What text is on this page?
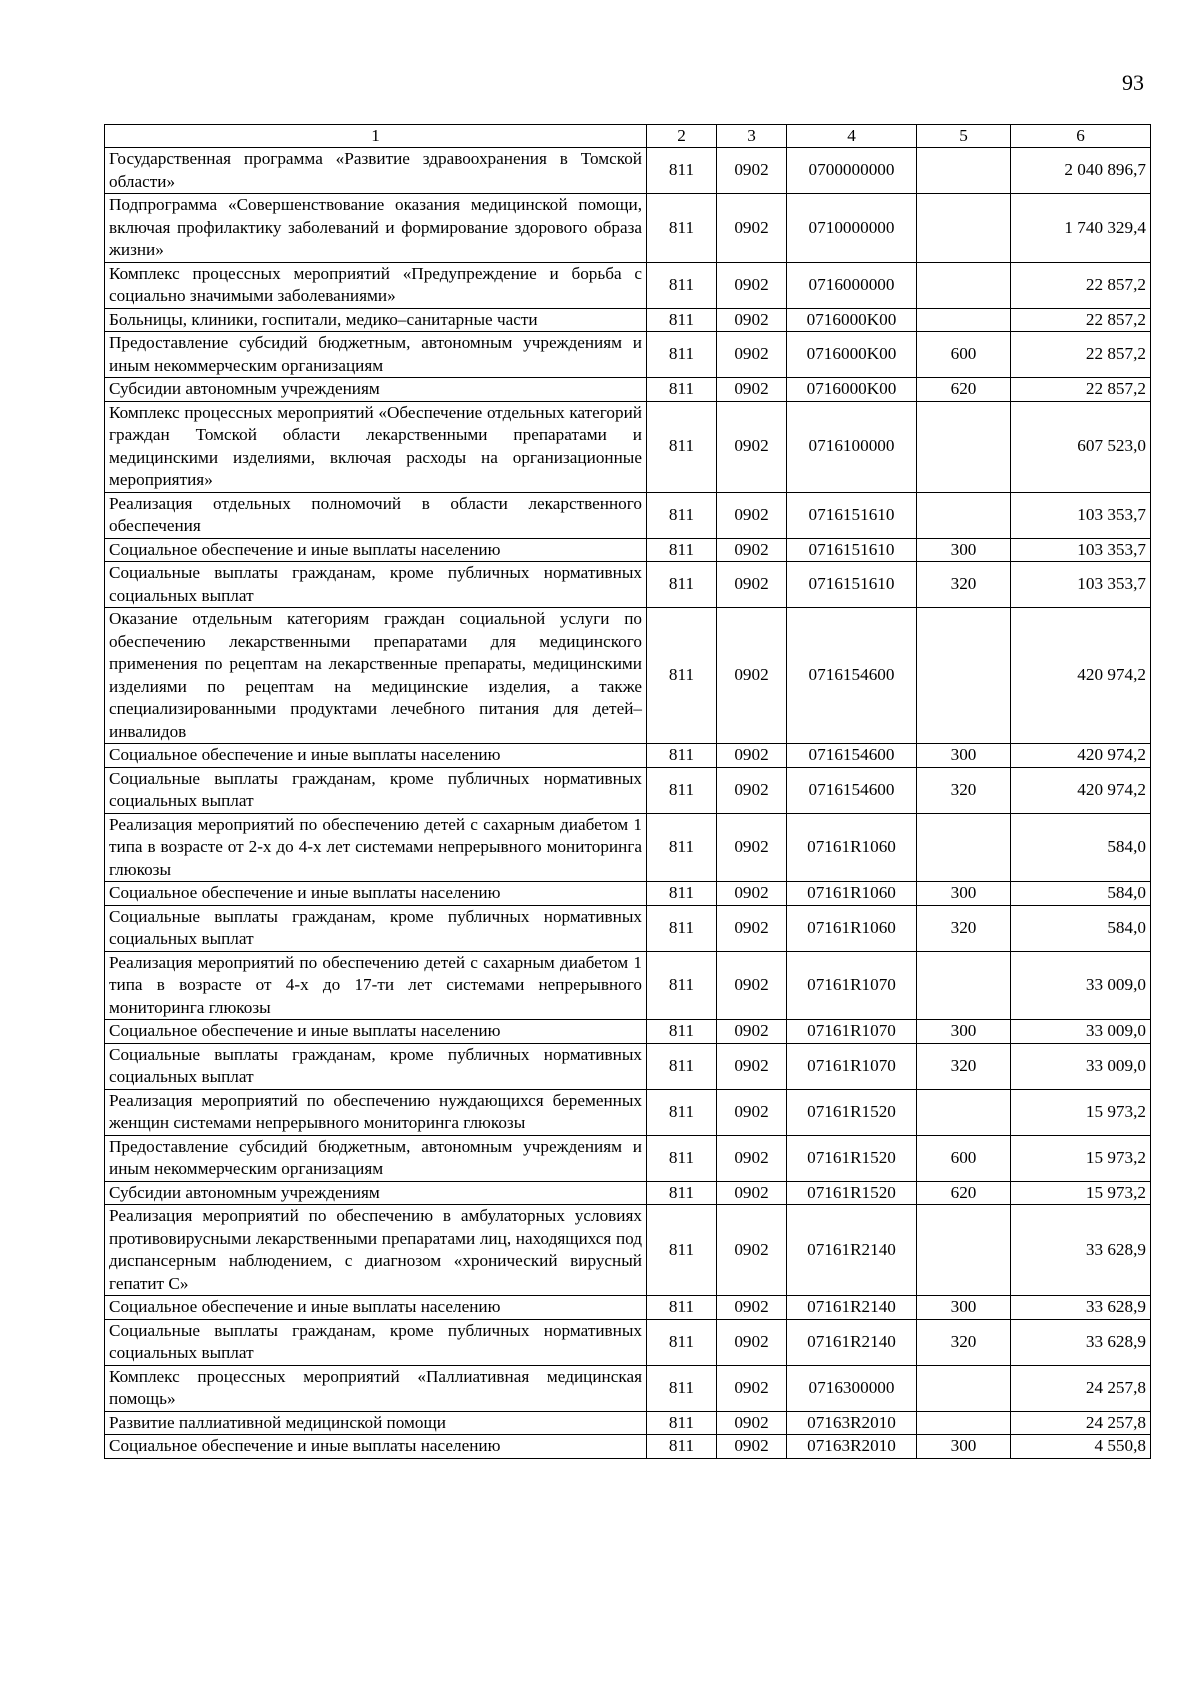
93
1	2	3	4	5	6
Государственная программа «Развитие здравоохранения в Томской области»	811	0902	0700000000		2 040 896,7
Подпрограмма «Совершенствование оказания медицинской помощи, включая профилактику заболеваний и формирование здорового образа жизни»	811	0902	0710000000		1 740 329,4
Комплекс процессных мероприятий «Предупреждение и борьба с социально значимыми заболеваниями»	811	0902	0716000000		22 857,2
Больницы, клиники, госпитали, медико–санитарные части	811	0902	0716000K00		22 857,2
Предоставление субсидий бюджетным, автономным учреждениям и иным некоммерческим организациям	811	0902	0716000K00	600	22 857,2
Субсидии автономным учреждениям	811	0902	0716000K00	620	22 857,2
Комплекс процессных мероприятий «Обеспечение отдельных категорий граждан Томской области лекарственными препаратами и медицинскими изделиями, включая расходы на организационные мероприятия»	811	0902	0716100000		607 523,0
Реализация отдельных полномочий в области лекарственного обеспечения	811	0902	0716151610		103 353,7
Социальное обеспечение и иные выплаты населению	811	0902	0716151610	300	103 353,7
Социальные выплаты гражданам, кроме публичных нормативных социальных выплат	811	0902	0716151610	320	103 353,7
Оказание отдельным категориям граждан социальной услуги по обеспечению лекарственными препаратами для медицинского применения по рецептам на лекарственные препараты, медицинскими изделиями по рецептам на медицинские изделия, а также специализированными продуктами лечебного питания для детей–инвалидов	811	0902	0716154600		420 974,2
Социальное обеспечение и иные выплаты населению	811	0902	0716154600	300	420 974,2
Социальные выплаты гражданам, кроме публичных нормативных социальных выплат	811	0902	0716154600	320	420 974,2
Реализация мероприятий по обеспечению детей с сахарным диабетом 1 типа в возрасте от 2-х до 4-х лет системами непрерывного мониторинга глюкозы	811	0902	07161R1060		584,0
Социальное обеспечение и иные выплаты населению	811	0902	07161R1060	300	584,0
Социальные выплаты гражданам, кроме публичных нормативных социальных выплат	811	0902	07161R1060	320	584,0
Реализация мероприятий по обеспечению детей с сахарным диабетом 1 типа в возрасте от 4-х до 17-ти лет системами непрерывного мониторинга глюкозы	811	0902	07161R1070		33 009,0
Социальное обеспечение и иные выплаты населению	811	0902	07161R1070	300	33 009,0
Социальные выплаты гражданам, кроме публичных нормативных социальных выплат	811	0902	07161R1070	320	33 009,0
Реализация мероприятий по обеспечению нуждающихся беременных женщин системами непрерывного мониторинга глюкозы	811	0902	07161R1520		15 973,2
Предоставление субсидий бюджетным, автономным учреждениям и иным некоммерческим организациям	811	0902	07161R1520	600	15 973,2
Субсидии автономным учреждениям	811	0902	07161R1520	620	15 973,2
Реализация мероприятий по обеспечению в амбулаторных условиях противовирусными лекарственными препаратами лиц, находящихся под диспансерным наблюдением, с диагнозом «хронический вирусный гепатит С»	811	0902	07161R2140		33 628,9
Социальное обеспечение и иные выплаты населению	811	0902	07161R2140	300	33 628,9
Социальные выплаты гражданам, кроме публичных нормативных социальных выплат	811	0902	07161R2140	320	33 628,9
Комплекс процессных мероприятий «Паллиативная медицинская помощь»	811	0902	0716300000		24 257,8
Развитие паллиативной медицинской помощи	811	0902	07163R2010		24 257,8
Социальное обеспечение и иные выплаты населению	811	0902	07163R2010	300	4 550,8
